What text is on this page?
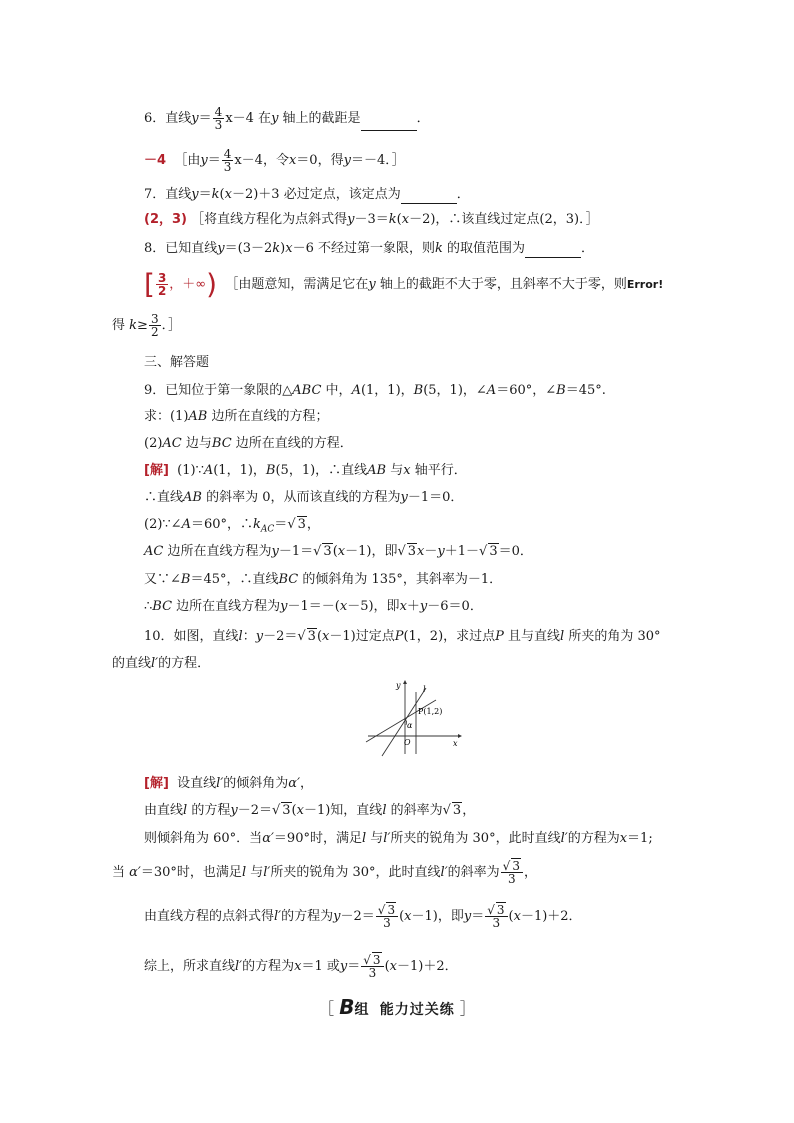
6．直线$y= \frac{4}{3} x-4$ 在y 轴上的截距是	．
－4 ［由$y= \frac{4}{3} x-4$，令x＝0，得y＝－4．］
7．直线y＝k(x－2)＋3 必过定点，该定点为	．
(2，3) ［将直线方程化为点斜式得y－3＝k(x－2)，∴该直线过定点(2，3)．］
8．已知直线y＝(3－2k)x－6 不经过第一象限，则k 的取值范围为	．
[ $\frac{3}{2}$ ，＋∞) ［由题意知，需满足它在y 轴上的截距不大于零，且斜率不大于零，则Error!
得 $k\ge \frac{3}{2}$ ．］
三、解答题
9．已知位于第一象限的△ABC 中，A(1，1)，B(5，1)，∠A＝60°，∠B＝45°.
求：(1)AB 边所在直线的方程；
(2)AC 边与BC 边所在直线的方程．
[解] (1)∵A(1，1)，B(5，1)，∴直线AB 与x 轴平行．
∴直线AB 的斜率为 0，从而该直线的方程为y－1＝0．
(2)∵∠A＝60°，$\therefore k_{AC}=√$ 3，
AC 边所在直线方程为y－1＝√ 3(x－1)，即√ 3x－y＋1－√ 3＝0．
又∵∠B＝45°，∴直线BC 的倾斜角为 135°，其斜率为－1．
∴BC 边所在直线方程为y－1＝－(x－5)，即x＋y－6＝0．
10．如图，直线l：y－2＝√ 3(x－1)过定点P(1，2)，求过点P 且与直线l 所夹的角为 30°
的直线l′的方程．
y
x
l
P(1,2)
α
O
[解] 设直线l′的倾斜角为α′，
由直线l 的方程y－2＝√ 3(x－1)知，直线l 的斜率为√ 3，
则倾斜角为 60°．当α′＝90°时，满足l 与l′所夹的锐角为 30°，此时直线l′的方程为x＝1;
当 α′＝30°时，也满足l 与l′所夹的锐角为 30°，此时直线l′的斜率为 $\frac{√ 3}{3}$ ，
由直线方程的点斜式得l′的方程为$y-2= \frac{√ 3}{3} (x-1)$，即$y= \frac{√ 3}{3} (x-1)+2$．
综上，所求直线l′的方程为x＝1 或$y= \frac{√ 3}{3} (x-1)+2$．
［ B组 能力过关练 ］
